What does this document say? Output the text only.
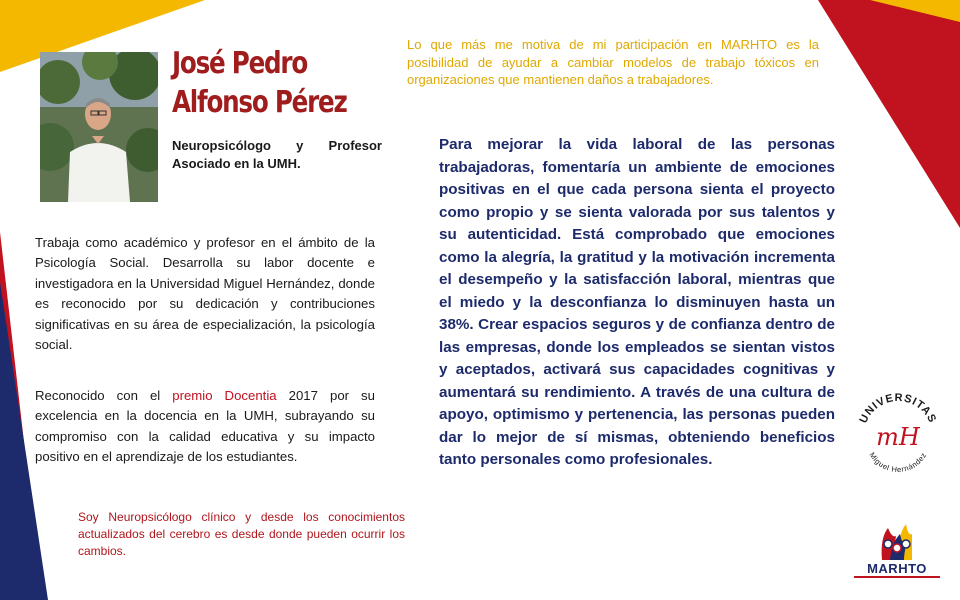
José Pedro
Alfonso Pérez
Neuropsicólogo y Profesor Asociado en la UMH.
Trabaja como académico y profesor en el ámbito de la Psicología Social. Desarrolla su labor docente e investigadora en la Universidad Miguel Hernández, donde es reconocido por su dedicación y contribuciones significativas en su área de especialización, la psicología social.
Reconocido con el premio Docentia 2017 por su excelencia en la docencia en la UMH, subrayando su compromiso con la calidad educativa y su impacto positivo en el aprendizaje de los estudiantes.
Soy Neuropsicólogo clínico y desde los conocimientos actualizados del cerebro es desde donde pueden ocurrir los cambios.
Lo que más me motiva de mi participación en MARHTO es la posibilidad de ayudar a cambiar modelos de trabajo tóxicos en organizaciones que mantienen daños a trabajadores.
Para mejorar la vida laboral de las personas trabajadoras, fomentaría un ambiente de emociones positivas en el que cada persona sienta el proyecto como propio y se sienta valorada por sus talentos y su autenticidad. Está comprobado que emociones como la alegría, la gratitud y la motivación incrementa el desempeño y la satisfacción laboral, mientras que el miedo y la desconfianza lo disminuyen hasta un 38%. Crear espacios seguros y de confianza dentro de las empresas, donde los empleados se sientan vistos y aceptados, activará sus capacidades cognitivas y aumentará su rendimiento. A través de una cultura de apoyo, optimismo y pertenencia, las personas pueden dar lo mejor de sí mismas, obteniendo beneficios tanto personales como profesionales.
UNIVERSITAS
Miguel Hernández
mH
MARHTO
